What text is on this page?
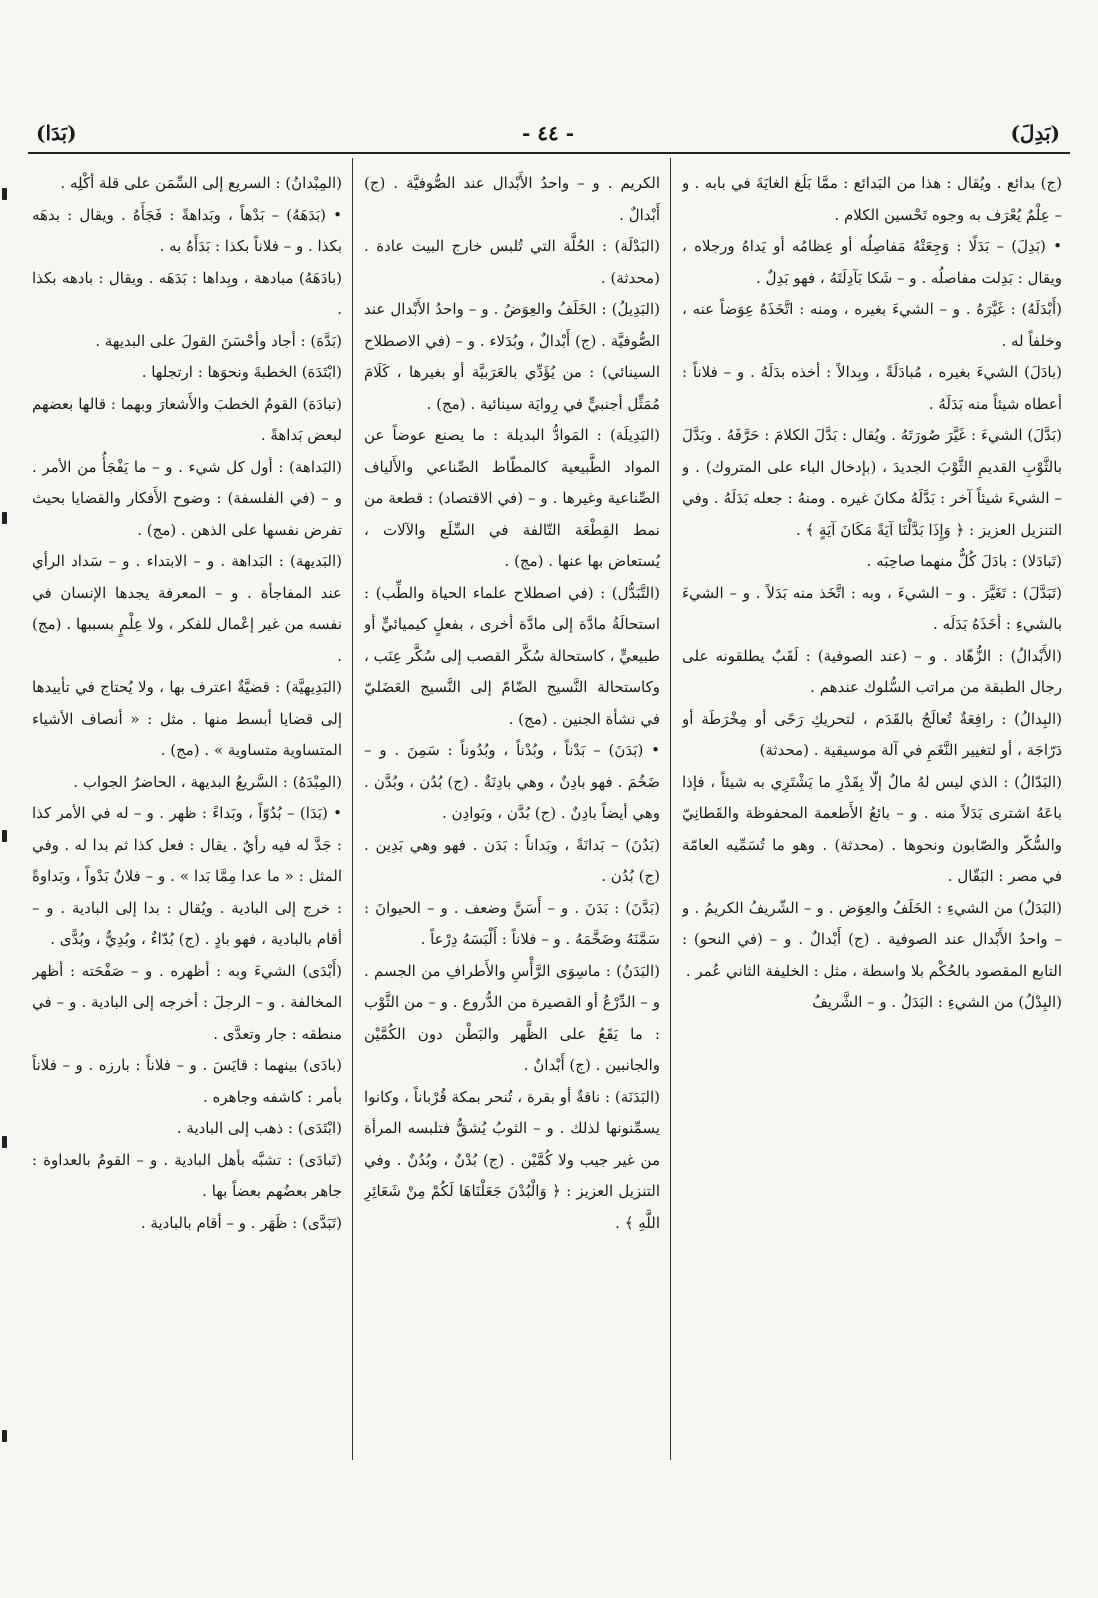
(بَدِلَ)
- ٤٤ -
(بَدَا)

(ج) بدائع . ويُقال : هذا من البَدائع : ممَّا بَلَغ الغايَةَ في بابه . و – عِلْمٌ يُعْرَف به وجوه تَحْسين الكلام .

• (بَدِلَ) – بَدَلًا : وَجِعَتْهُ مَفاصِلُه أو عِظامُه أو يَداهُ ورجلاه ، ويقال : بَدِلت مفاصلُه . و – شَكا بَآدِلَتَهُ ، فهو بَدِلٌ .

(أَبْدَلَهُ) : غَيَّرَهُ . و – الشيءَ بغيره ، ومنه : اتَّخَذَهُ عِوَضاً عنه ، وخلفاً له .

(بادَلَ) الشيءَ بغيره ، مُبادَلَةً ، وبِدالاً : أخذه بدَلَهُ . و – فلاناً : أعطاه شيئاً منه بَدَلَهُ .

(بَدَّلَ) الشيءَ : غَيَّرَ صُورَتَهُ . ويُقال : بَدَّلَ الكلامَ : حَرَّفَهُ . وبَدَّلَ بالثَّوْبِ القديمِ الثَّوْبَ الجديدَ ، (بإدخال الباء على المتروك) . و – الشيءَ شيئاً آخر : بَدَّلَهُ مكانَ غيره . ومنهُ : جعله بَدَلَهُ . وفي التنزيل العزيز : ﴿ وَإِذَا بَدَّلْنَا آيَةً مَكَانَ آيَةٍ ﴾ .

(تَبادَلا) : بادَلَ كُلٌّ منهما صاحِبَه .

(تَبَدَّلَ) : تَغَيَّرَ . و – الشيءَ ، وبه : اتَّخَذ منه بَدَلاً . و – الشيءَ بالشيءِ : أخَذَهُ بَدَلَه .

(الأَبْدالُ) : الزُّهّاد . و – (عند الصوفية) : لَقَبٌ يطلقونه على رجال الطبقة من مراتب السُّلوك عندهم .

(البِدالُ) : رافِعَةٌ تُعالَجُ بالقَدَم ، لتحريكِ رَحًى أو مِخْرَطَة أو دَرّاجَة ، أو لتغيير النَّغَمِ في آلة موسيقية . (محدثة)

(البَدّالُ) : الذي ليس لهُ مالٌ إلّا بِقَدْرِ ما يَشْتَرِي به شيئاً ، فإذا باعَهُ اشترى بَدَلاً منه . و – بائعُ الأَطعمة المحفوظة والقَطانِيّ والسُّكّر والصّابون ونحوها . (محدثة) . وهو ما تُسَمِّيه العامّة في مصر : البَقّال .

(البَدَلُ) من الشيءِ : الخَلَفُ والعِوَض . و – الشّريفُ الكريمُ . و – واحدُ الأَبْدال عند الصوفية . (ج) أَبْدالٌ . و – (في النحو) : التابع المقصود بالحُكْم بلا واسطة ، مثل : الخليفة الثاني عُمر .

(البِدْلُ) من الشيءِ : البَدَلُ . و – الشَّريفُ

الكريم . و – واحدُ الأَبْدال عند الصُّوفيَّة . (ج) أَبْدالٌ .

(البَدْلَة) : الحُلَّة التي تُلبس خارج البيت عادة . (محدثة) .

(البَدِيلُ) : الخَلَفُ والعِوَضُ . و – واحدُ الأَبْدال عند الصُّوفيَّة . (ج) أَبْدالٌ ، وبُدَلاء . و – (في الاصطلاح السينائي) : من يُؤَدِّي بالعَرَبيَّة أو بغيرها ، كَلَامَ مُمَثِّل أجنبيٍّ في رِوايَة سينائية . (مج) .

(البَدِيلَة) : المَوادُّ البديلة : ما يصنع عوضاً عن المواد الطَّبيعية كالمطّاط الصِّناعي والأَلياف الصِّناعية وغيرها . و – (في الاقتصاد) : قطعة من نمط القِطْعَة التّالفة في السِّلَع والآلات ، يُستعاض بها عنها . (مج) .

(التَّبَدُّل) : (في اصطلاح علماء الحياة والطِّب) : استحالَةُ مادَّة إلى مادَّة أخرى ، بفعلٍ كيميائيٍّ أو طبيعيٍّ ، كاستحالة سُكَّر القصب إلى سُكَّر عِنَب ، وكاستحالة النَّسيج الضّامّ إلى النَّسيج العَضَليّ في نشأة الجنين . (مج) .

• (بَدَنَ) – بَدْناً ، وبُدْناً ، وبُدُوناً : سَمِنَ . و – ضَخُمَ . فهو بادِنٌ ، وهي بادِنَةٌ . (ج) بُدُن ، وبُدَّن . وهي أيضاً بادِنٌ . (ج) بُدَّن ، وبَوادِن .

(بَدُنَ) – بَدانَةً ، وبَداناً : بَدَن . فهو وهي بَدِين . (ج) بُدُن .

(بَدَّنَ) : بَدَنَ . و – أَسَنَّ وضعف . و – الحيوانَ : سَمَّنَهُ وضَخَّمَهُ . و – فلاناً : أَلْبَسَهُ دِرْعاً .

(البَدَنُ) : ماسِوَى الرَّأْسِ والأَطرافِ من الجسم . و – الدِّرْعُ أو القصيرة من الدُّروع . و – من الثَّوْب : ما يَقَعُ على الظَّهر والبَطْن دون الكُمَّيْن والجانبين . (ج) أَبْدانٌ .

(البَدَنَة) : ناقةٌ أو بقرة ، تُنحر بمكة قُرْباناً ، وكانوا يسمِّنونها لذلك . و – الثوبُ يُشقُّ فتلبسه المرأة من غير جيب ولا كُمَّيْن . (ج) بُدْنٌ ، وبُدُنٌ . وفي التنزيل العزيز : ﴿ وَالْبُدْنَ جَعَلْنَاهَا لَكُمْ مِنْ شَعَائِرِ اللَّهِ ﴾ .

(المِبْدانُ) : السريع إلى السِّمَن على قلة أكْلِه .

• (بَدَهَهُ) – بَدْهاً ، وبَداهةً : فَجَأَهُ . ويقال : بدهَه بكذا . و – فلاناً بكذا : بَدَأَهُ به .

(بادَهَهُ) مبادهة ، وبِداها : بَدَهَه . ويقال : بادهه بكذا .

(بَدَّهَ) : أجاد وأحْسَنَ القولَ على البديهة .

(ابْتَدَهَ) الخطبةَ ونحوَها : ارتجلها .

(تبادَهَ) القومُ الخطبَ والأَشعارَ وبهما : قالها بعضهم لبعض بَداهةً .

(البَداهة) : أول كل شيء . و – ما يَفْجَأُ من الأمر . و – (في الفلسفة) : وضوح الأَفكار والقضايا بحيث تفرض نفسها على الذهن . (مج) .

(البَديهة) : البَداهة . و – الابتداء . و – سَداد الرأي عند المفاجأة . و – المعرفة يجدها الإنسان في نفسه من غير إعْمال للفكر ، ولا عِلْمٍ بسببها . (مج) .

(البَدِيهيَّة) : قضيَّةٌ اعترف بها ، ولا يُحتاج في تأييدها إلى قضايا أبسط منها . مثل : « أنصاف الأشياء المتساوية متساوية » . (مج) .

(المِبْدَهُ) : السَّريعُ البديهة ، الحاضرُ الجواب .

• (بَدَا) – بُدُوّاً ، وبَداءً : ظهر . و – له في الأمر كذا : جَدَّ له فيه رأيٌ . يقال : فعل كذا ثم بدا له . وفي المثل : « ما عدا مِمَّا بَدا » . و – فلانٌ بَدْواً ، وبَداوةً : خرج إلى البادية . ويُقال : بدا إلى البادية . و – أقام بالبادية ، فهو بادٍ . (ج) بُدّاءٌ ، وبُدِيٌّ ، وبُدًّى .

(أَبْدَى) الشيءَ وبه : أظهره . و – صَفْحَته : أظهر المخالفة . و – الرجلَ : أخرجه إلى البادية . و – في منطقه : جار وتعدَّى .

(بادَى) بينهما : قايَسَ . و – فلاناً : بارزه . و – فلاناً بأمر : كاشفه وجاهره .

(ابْتَدَى) : ذهب إلى البادية .

(تَبادَى) : تشبَّه بأهل البادية . و – القومُ بالعداوة : جاهر بعضُهم بعضاً بها .

(تَبَدَّى) : ظَهَر . و – أقام بالبادية .
